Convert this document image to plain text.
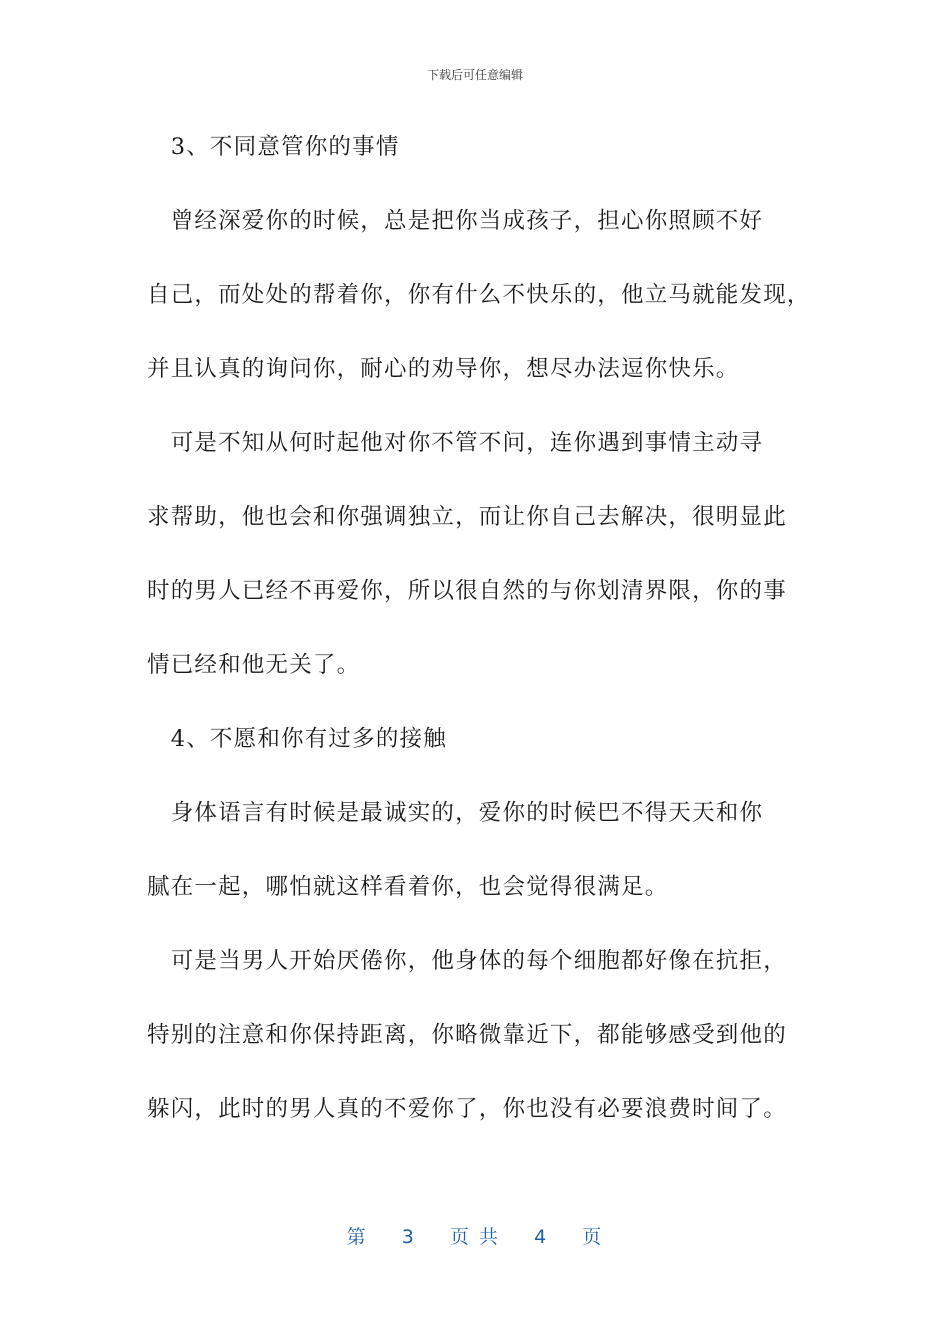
下载后可任意编辑
　3、不同意管你的事情
　曾经深爱你的时候，总是把你当成孩子，担心你照顾不好
自己，而处处的帮着你，你有什么不快乐的，他立马就能发现，
并且认真的询问你，耐心的劝导你，想尽办法逗你快乐。
　可是不知从何时起他对你不管不问，连你遇到事情主动寻
求帮助，他也会和你强调独立，而让你自己去解决，很明显此
时的男人已经不再爱你，所以很自然的与你划清界限，你的事
情已经和他无关了。
　4、不愿和你有过多的接触
　身体语言有时候是最诚实的，爱你的时候巴不得天天和你
腻在一起，哪怕就这样看着你，也会觉得很满足。
　可是当男人开始厌倦你，他身体的每个细胞都好像在抗拒，
特别的注意和你保持距离，你略微靠近下，都能够感受到他的
躲闪，此时的男人真的不爱你了，你也没有必要浪费时间了。
第 3 页 共 4 页
